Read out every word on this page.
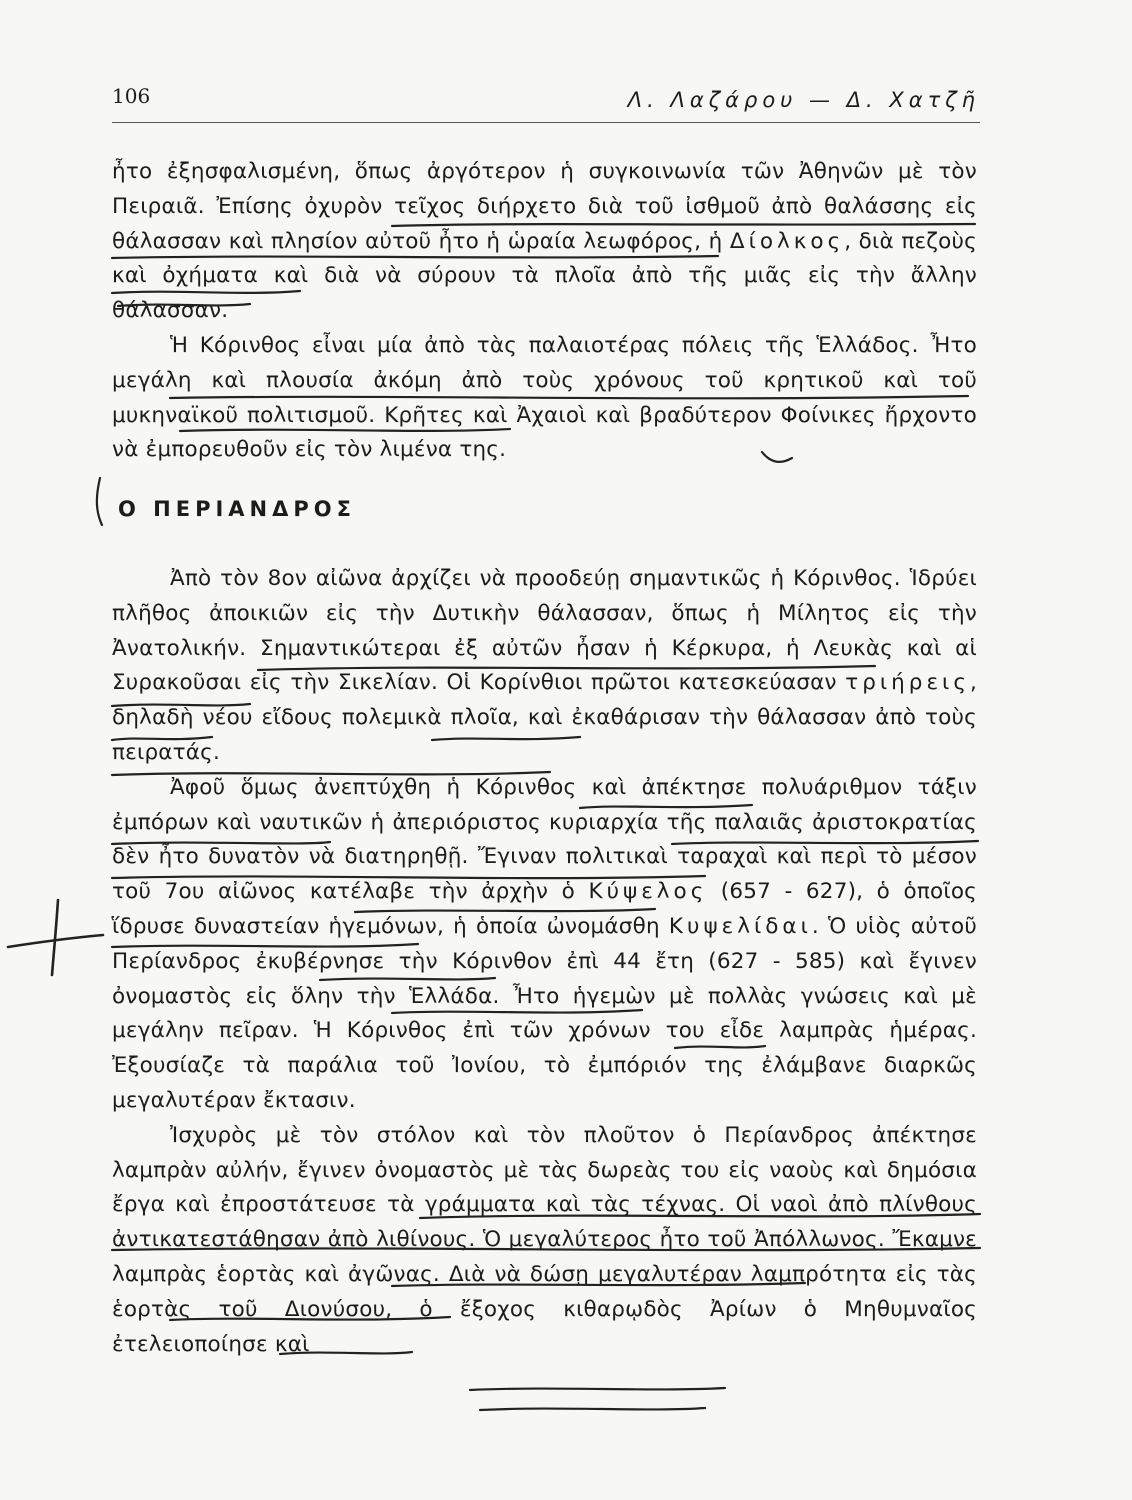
106	Λ. Λαζάρου — Δ. Χατζῆ

ἦτο ἐξησφαλισμένη, ὅπως ἀργότερον ἡ συγκοινωνία τῶν Ἀθηνῶν μὲ τὸν Πειραιᾶ. Ἐπίσης ὀχυρὸν τεῖχος διήρχετο διὰ τοῦ ἰσθμοῦ ἀπὸ θαλάσσης εἰς θάλασσαν καὶ πλησίον αὐτοῦ ἦτο ἡ ὡραία λεωφόρος, ἡ Δίολκος, διὰ πεζοὺς καὶ ὀχήματα καὶ διὰ νὰ σύρουν τὰ πλοῖα ἀπὸ τῆς μιᾶς εἰς τὴν ἄλλην θάλασσαν.

Ἡ Κόρινθος εἶναι μία ἀπὸ τὰς παλαιοτέρας πόλεις τῆς Ἑλλάδος. Ἦτο μεγάλη καὶ πλουσία ἀκόμη ἀπὸ τοὺς χρόνους τοῦ κρητικοῦ καὶ τοῦ μυκηναϊκοῦ πολιτισμοῦ. Κρῆτες καὶ Ἀχαιοὶ καὶ βραδύτερον Φοίνικες ἤρχοντο νὰ ἐμπορευθοῦν εἰς τὸν λιμένα της.

Ο ΠΕΡΙΑΝΔΡΟΣ

Ἀπὸ τὸν 8ον αἰῶνα ἀρχίζει νὰ προοδεύῃ σημαντικῶς ἡ Κόρινθος. Ἱδρύει πλῆθος ἀποικιῶν εἰς τὴν Δυτικὴν θάλασσαν, ὅπως ἡ Μίλητος εἰς τὴν Ἀνατολικήν. Σημαντικώτεραι ἐξ αὐτῶν ἦσαν ἡ Κέρκυρα, ἡ Λευκὰς καὶ αἱ Συρακοῦσαι εἰς τὴν Σικελίαν. Οἱ Κορίνθιοι πρῶτοι κατεσκεύασαν τριήρεις, δηλαδὴ νέου εἴδους πολεμικὰ πλοῖα, καὶ ἐκαθάρισαν τὴν θάλασσαν ἀπὸ τοὺς πειρατάς.

Ἀφοῦ ὅμως ἀνεπτύχθη ἡ Κόρινθος καὶ ἀπέκτησε πολυάριθμον τάξιν ἐμπόρων καὶ ναυτικῶν ἡ ἀπεριόριστος κυριαρχία τῆς παλαιᾶς ἀριστοκρατίας δὲν ἦτο δυνατὸν νὰ διατηρηθῇ. Ἔγιναν πολιτικαὶ ταραχαὶ καὶ περὶ τὸ μέσον τοῦ 7ου αἰῶνος κατέλαβε τὴν ἀρχὴν ὁ Κύψελος (657 - 627), ὁ ὁποῖος ἵδρυσε δυναστείαν ἡγεμόνων, ἡ ὁποία ὠνομάσθη Κυψελίδαι. Ὁ υἱὸς αὐτοῦ Περίανδρος ἐκυβέρνησε τὴν Κόρινθον ἐπὶ 44 ἔτη (627 - 585) καὶ ἔγινεν ὀνομαστὸς εἰς ὅλην τὴν Ἑλλάδα. Ἦτο ἡγεμὼν μὲ πολλὰς γνώσεις καὶ μὲ μεγάλην πεῖραν. Ἡ Κόρινθος ἐπὶ τῶν χρόνων του εἶδε λαμπρὰς ἡμέρας. Ἐξουσίαζε τὰ παράλια τοῦ Ἰονίου, τὸ ἐμπόριόν της ἐλάμβανε διαρκῶς μεγαλυτέραν ἔκτασιν.

Ἰσχυρὸς μὲ τὸν στόλον καὶ τὸν πλοῦτον ὁ Περίανδρος ἀπέκτησε λαμπρὰν αὐλήν, ἔγινεν ὀνομαστὸς μὲ τὰς δωρεὰς του εἰς ναοὺς καὶ δημόσια ἔργα καὶ ἐπροστάτευσε τὰ γράμματα καὶ τὰς τέχνας. Οἱ ναοὶ ἀπὸ πλίνθους ἀντικατεστάθησαν ἀπὸ λιθίνους. Ὁ μεγαλύτερος ἦτο τοῦ Ἀπόλλωνος. Ἔκαμνε λαμπρὰς ἑορτὰς καὶ ἀγῶνας. Διὰ νὰ δώσῃ μεγαλυτέραν λαμπρότητα εἰς τὰς ἑορτὰς τοῦ Διονύσου, ὁ ἔξοχος κιθαρῳδὸς Ἀρίων ὁ Μηθυμναῖος ἐτελειοποίησε καὶ
